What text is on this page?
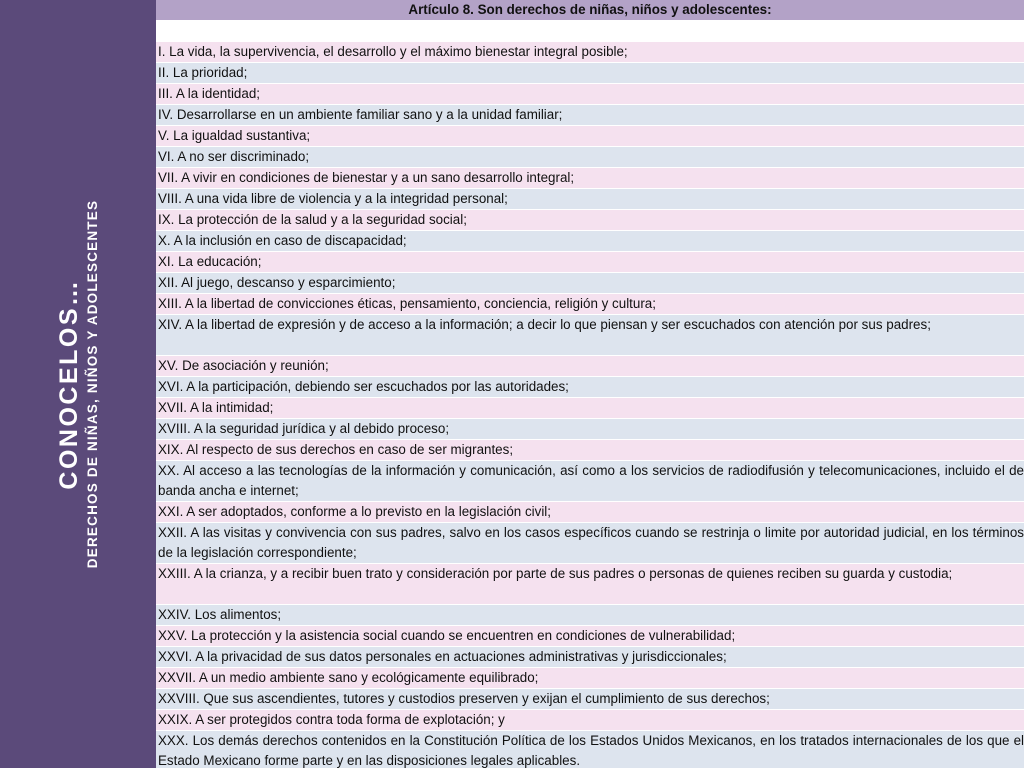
CONOCELOS… DERECHOS DE NIÑAS, NIÑOS Y ADOLESCENTES
Artículo 8. Son derechos de niñas, niños y adolescentes:
I. La vida, la supervivencia, el desarrollo y el máximo bienestar integral posible;
II. La prioridad;
III. A la identidad;
IV. Desarrollarse en un ambiente familiar sano y a la unidad familiar;
V. La igualdad sustantiva;
VI. A no ser discriminado;
VII. A vivir en condiciones de bienestar y a un sano desarrollo integral;
VIII. A una vida libre de violencia y a la integridad personal;
IX. La protección de la salud y a la seguridad social;
X. A la inclusión en caso de discapacidad;
XI. La educación;
XII. Al juego, descanso y esparcimiento;
XIII. A la libertad de convicciones éticas, pensamiento, conciencia, religión y cultura;
XIV. A la libertad de expresión y de acceso a la información; a decir lo que piensan y ser escuchados con atención por sus padres;
XV. De asociación y reunión;
XVI. A la participación, debiendo ser escuchados por las autoridades;
XVII. A la intimidad;
XVIII. A la seguridad jurídica y al debido proceso;
XIX. Al respecto de sus derechos en caso de ser migrantes;
XX. Al acceso a las tecnologías de la información y comunicación, así como a los servicios de radiodifusión y telecomunicaciones, incluido el de banda ancha e internet;
XXI. A ser adoptados, conforme a lo previsto en la legislación civil;
XXII. A las visitas y convivencia con sus padres, salvo en los casos específicos cuando se restrinja o limite por autoridad judicial, en los términos de la legislación correspondiente;
XXIII. A la crianza, y a recibir buen trato y consideración por parte de sus padres o personas de quienes reciben su guarda y custodia;
XXIV. Los alimentos;
XXV. La protección y la asistencia social cuando se encuentren en condiciones de vulnerabilidad;
XXVI. A la privacidad de sus datos personales en actuaciones administrativas y jurisdiccionales;
XXVII. A un medio ambiente sano y ecológicamente equilibrado;
XXVIII. Que sus ascendientes, tutores y custodios preserven y exijan el cumplimiento de sus derechos;
XXIX. A ser protegidos contra toda forma de explotación; y
XXX. Los demás derechos contenidos en la Constitución Política de los Estados Unidos Mexicanos, en los tratados internacionales de los que el Estado Mexicano forme parte y en las disposiciones legales aplicables.
